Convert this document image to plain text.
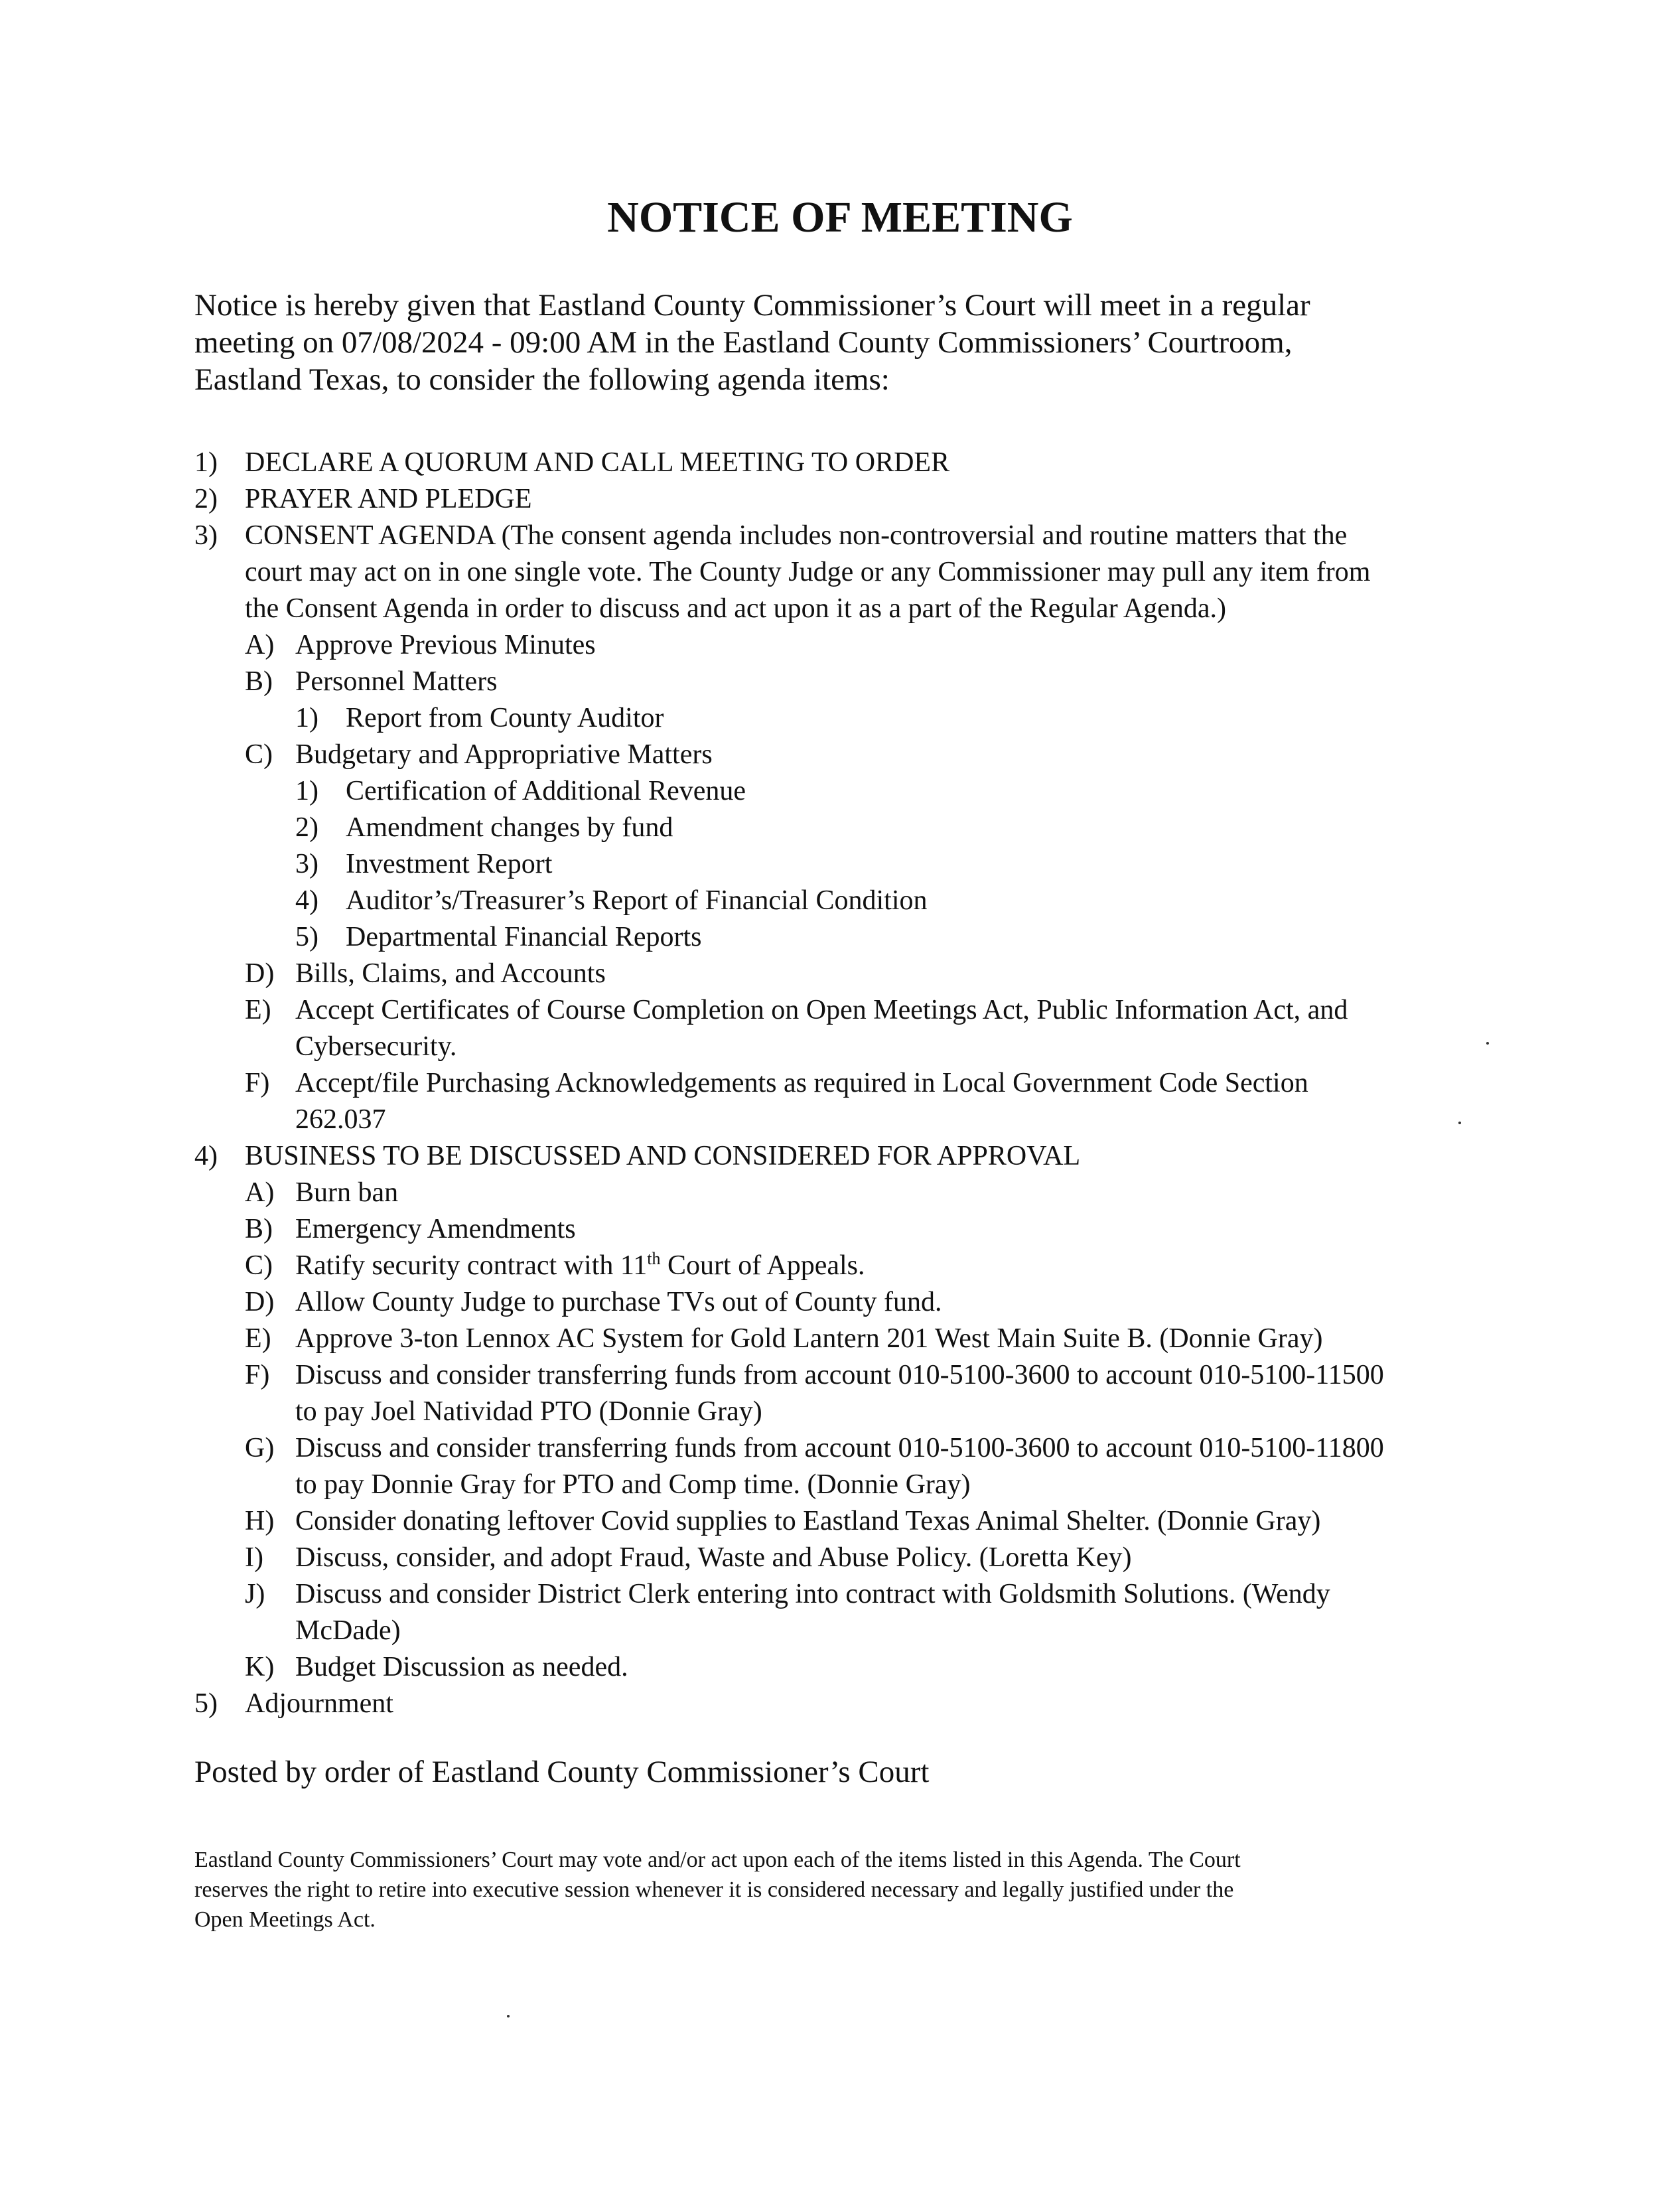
NOTICE OF MEETING

Notice is hereby given that Eastland County Commissioner’s Court will meet in a regular
meeting on 07/08/2024 - 09:00 AM in the Eastland County Commissioners’ Courtroom,
Eastland Texas, to consider the following agenda items:

1) DECLARE A QUORUM AND CALL MEETING TO ORDER
2) PRAYER AND PLEDGE
3) CONSENT AGENDA (The consent agenda includes non-controversial and routine matters that the
court may act on in one single vote. The County Judge or any Commissioner may pull any item from
the Consent Agenda in order to discuss and act upon it as a part of the Regular Agenda.)
A) Approve Previous Minutes
B) Personnel Matters
1) Report from County Auditor
C) Budgetary and Appropriative Matters
1) Certification of Additional Revenue
2) Amendment changes by fund
3) Investment Report
4) Auditor’s/Treasurer’s Report of Financial Condition
5) Departmental Financial Reports
D) Bills, Claims, and Accounts
E) Accept Certificates of Course Completion on Open Meetings Act, Public Information Act, and
Cybersecurity.
F) Accept/file Purchasing Acknowledgements as required in Local Government Code Section
262.037
4) BUSINESS TO BE DISCUSSED AND CONSIDERED FOR APPROVAL
A) Burn ban
B) Emergency Amendments
C) Ratify security contract with 11th Court of Appeals.
D) Allow County Judge to purchase TVs out of County fund.
E) Approve 3-ton Lennox AC System for Gold Lantern 201 West Main Suite B. (Donnie Gray)
F) Discuss and consider transferring funds from account 010-5100-3600 to account 010-5100-11500
to pay Joel Natividad PTO (Donnie Gray)
G) Discuss and consider transferring funds from account 010-5100-3600 to account 010-5100-11800
to pay Donnie Gray for PTO and Comp time. (Donnie Gray)
H) Consider donating leftover Covid supplies to Eastland Texas Animal Shelter. (Donnie Gray)
I) Discuss, consider, and adopt Fraud, Waste and Abuse Policy. (Loretta Key)
J) Discuss and consider District Clerk entering into contract with Goldsmith Solutions. (Wendy
McDade)
K) Budget Discussion as needed.
5) Adjournment

Posted by order of Eastland County Commissioner’s Court

Eastland County Commissioners’ Court may vote and/or act upon each of the items listed in this Agenda. The Court
reserves the right to retire into executive session whenever it is considered necessary and legally justified under the
Open Meetings Act.
